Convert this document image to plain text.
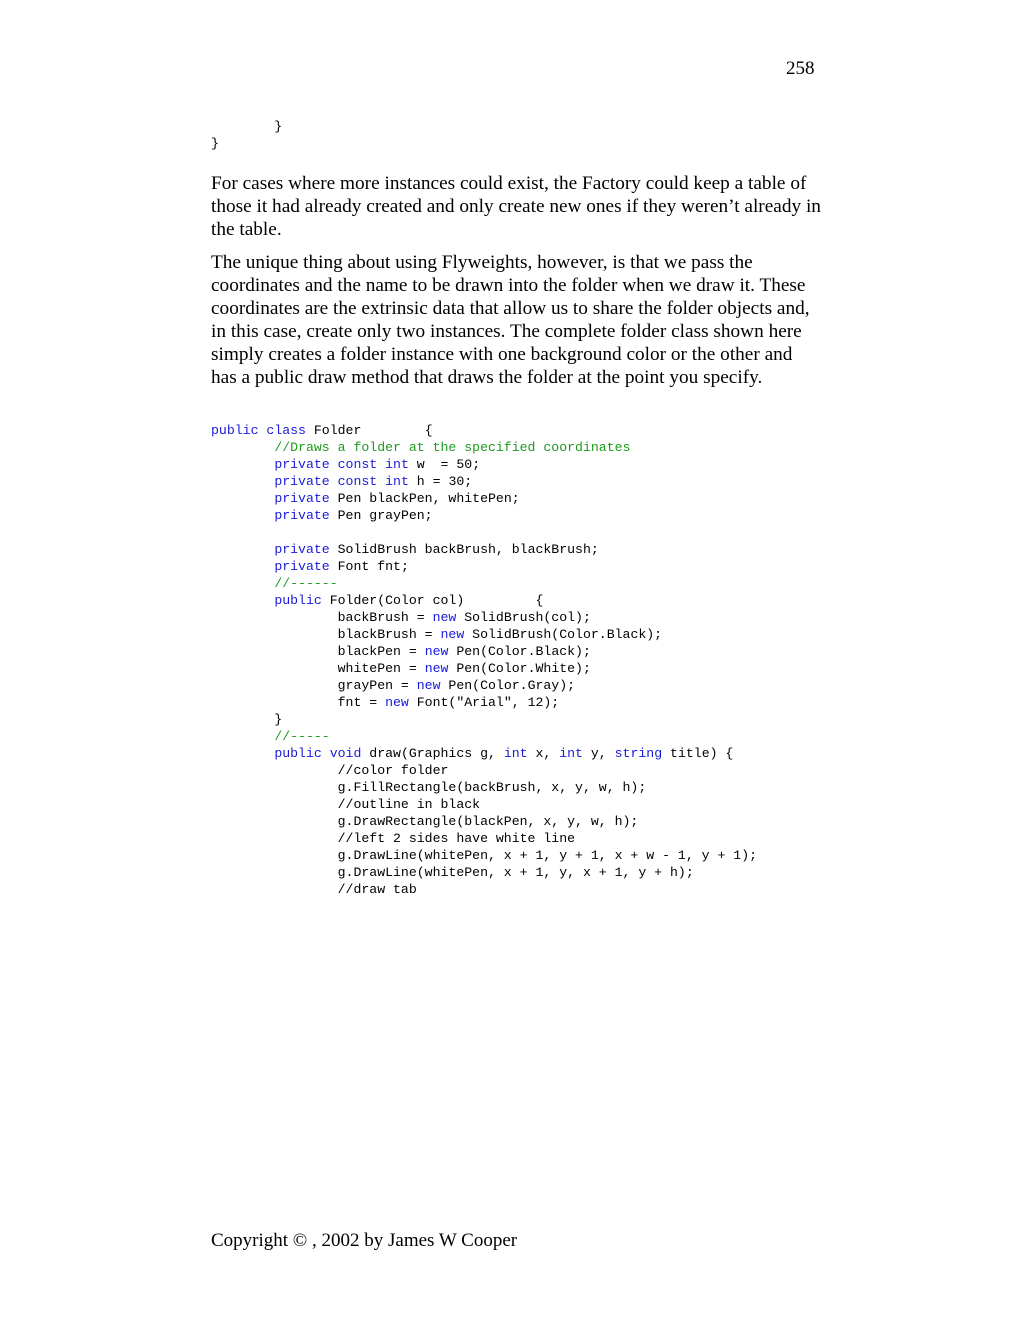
258
}
}

For cases where more instances could exist, the Factory could keep a table of those it had already created and only create new ones if they weren’t already in the table.

The unique thing about using Flyweights, however, is that we pass the coordinates and the name to be drawn into the folder when we draw it. These coordinates are the extrinsic data that allow us to share the folder objects and, in this case, create only two instances. The complete folder class shown here simply creates a folder instance with one background color or the other and has a public draw method that draws the folder at the point you specify.

public class Folder        {
//Draws a folder at the specified coordinates
private const int w  = 50;
private const int h = 30;
private Pen blackPen, whitePen;
private Pen grayPen;
private SolidBrush backBrush, blackBrush;
private Font fnt;
//------
public Folder(Color col)         {
backBrush = new SolidBrush(col);
blackBrush = new SolidBrush(Color.Black);
blackPen = new Pen(Color.Black);
whitePen = new Pen(Color.White);
grayPen = new Pen(Color.Gray);
fnt = new Font("Arial", 12);
}
//-----
public void draw(Graphics g, int x, int y, string title) {
//color folder
g.FillRectangle(backBrush, x, y, w, h);
//outline in black
g.DrawRectangle(blackPen, x, y, w, h);
//left 2 sides have white line
g.DrawLine(whitePen, x + 1, y + 1, x + w - 1, y + 1);
g.DrawLine(whitePen, x + 1, y, x + 1, y + h);
//draw tab
Copyright © , 2002 by James W Cooper
